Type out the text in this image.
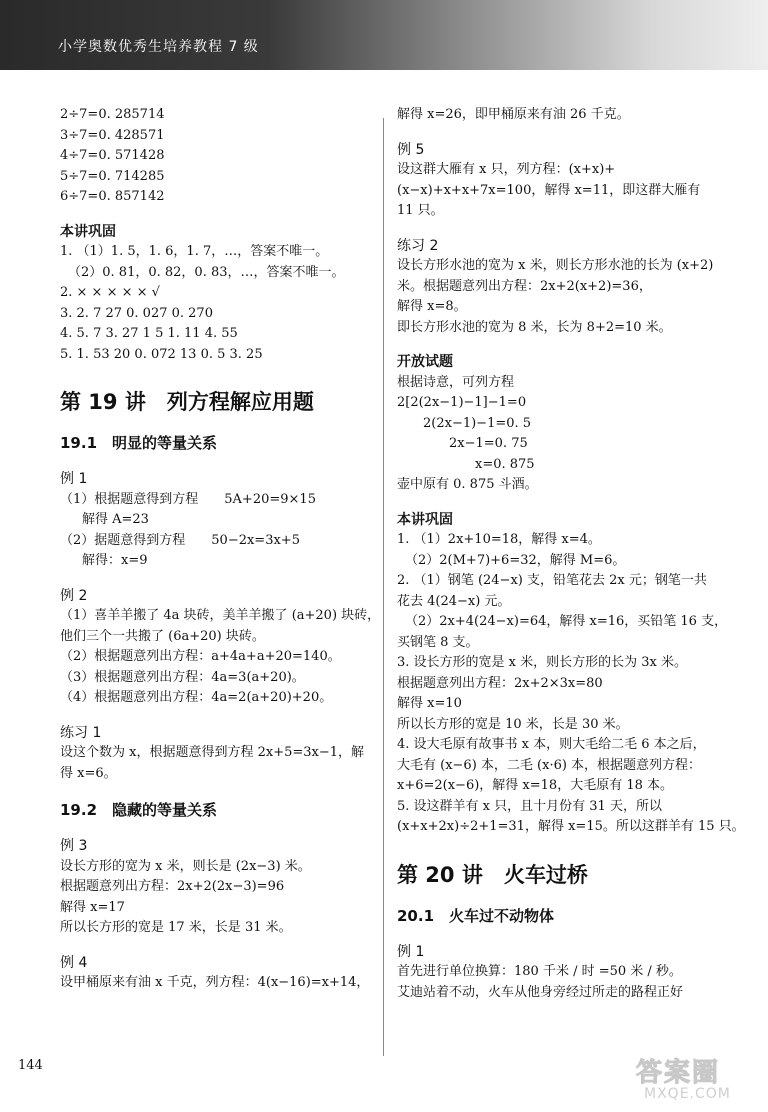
小学奥数优秀生培养教程 7 级
2÷7=0. 285714
3÷7=0. 428571
4÷7=0. 571428
5÷7=0. 714285
6÷7=0. 857142
本讲巩固
1. （1）1. 5，1. 6，1. 7，…，答案不唯一。
（2）0. 81，0. 82，0. 83，…，答案不唯一。
2. × × × × × √
3. 2. 7 27 0. 027 0. 270
4. 5. 7 3. 27 1 5 1. 11 4. 55
5. 1. 53 20 0. 072 13 0. 5 3. 25
第 19 讲　列方程解应用题
19.1　明显的等量关系
例 1
（1）根据题意得到方程　　5A+20=9×15
解得 A=23
（2）据题意得到方程　　50−2x=3x+5
解得：x=9
例 2
（1）喜羊羊搬了 4a 块砖，美羊羊搬了 (a+20) 块砖，
他们三个一共搬了 (6a+20) 块砖。
（2）根据题意列出方程：a+4a+a+20=140。
（3）根据题意列出方程：4a=3(a+20)。
（4）根据题意列出方程：4a=2(a+20)+20。
练习 1
设这个数为 x，根据题意得到方程 2x+5=3x−1，解得 x=6。
19.2　隐藏的等量关系
例 3
设长方形的宽为 x 米，则长是 (2x−3) 米。
根据题意列出方程：2x+2(2x−3)=96
解得 x=17
所以长方形的宽是 17 米，长是 31 米。
例 4
设甲桶原来有油 x 千克，列方程：4(x−16)=x+14，
解得 x=26，即甲桶原来有油 26 千克。
例 5
设这群大雁有 x 只，列方程：(x+x)+(x−x)+x+x+7x=100，解得 x=11，即这群大雁有 11 只。
练习 2
设长方形水池的宽为 x 米，则长方形水池的长为 (x+2) 米。根据题意列出方程：2x+2(x+2)=36，
解得 x=8。
即长方形水池的宽为 8 米，长为 8+2=10 米。
开放试题
根据诗意，可列方程
2[2(2x−1)−1]−1=0
　　2(2x−1)−1=0. 5
　　　　2x−1=0. 75
　　　　　　x=0. 875
壶中原有 0. 875 斗酒。
本讲巩固
1. （1）2x+10=18，解得 x=4。
（2）2(M+7)+6=32，解得 M=6。
2. （1）钢笔 (24−x) 支，铅笔花去 2x 元；钢笔一共花去 4(24−x) 元。
（2）2x+4(24−x)=64，解得 x=16，买铅笔 16 支，
买钢笔 8 支。
3. 设长方形的宽是 x 米，则长方形的长为 3x 米。
根据题意列出方程：2x+2×3x=80
解得 x=10
所以长方形的宽是 10 米，长是 30 米。
4. 设大毛原有故事书 x 本，则大毛给二毛 6 本之后，
大毛有 (x−6) 本，二毛 (x·6) 本，根据题意列方程：
x+6=2(x−6)，解得 x=18，大毛原有 18 本。
5. 设这群羊有 x 只，且十月份有 31 天，所以
(x+x+2x)÷2+1=31，解得 x=15。所以这群羊有 15 只。
第 20 讲　火车过桥
20.1　火车过不动物体
例 1
首先进行单位换算：180 千米 / 时 =50 米 / 秒。
艾迪站着不动，火车从他身旁经过所走的路程正好
144	答案圈
MXQE.COM
